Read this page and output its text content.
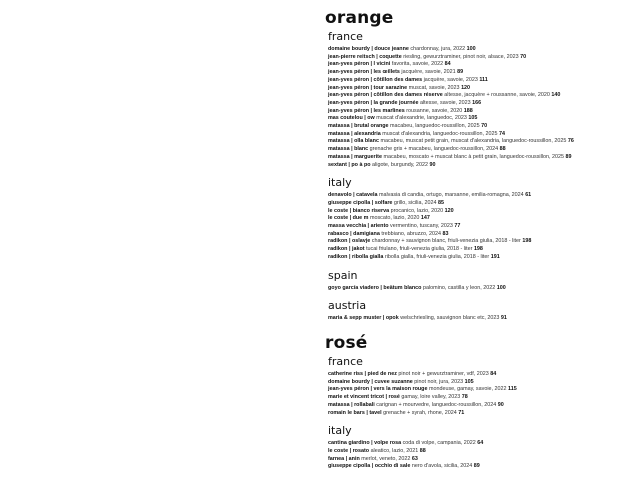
orange
france
domaine bourdy | douce jeanne chardonnay, jura, 2022 100
jean-pierre reitsch | coquette riesling, gewurztraminer, pinot noir, alsace, 2023 70
jean-yves péron | l vicini favorita, savoie, 2022 84
jean-yves péron | les œillets jacquère, savoie, 2021 89
jean-yves péron | côtillon des dames jacquère, savoie, 2023 111
jean-yves péron | tour sarazine muscat, savoie, 2023 120
jean-yves péron | côtillon des dames réserve altesse, jacquère + roussanne, savoie, 2020 140
jean-yves péron | la grande journée altesse, savoie, 2023 166
jean-yves péron | les marlines rousanne, savoie, 2020 188
mas coutelou | ow muscat d'alexandrie, languedoc, 2023 105
matassa | brutal orange macabeu, languedoc-roussillon, 2025 70
matassa | alexandria muscat d'alexandria, languedoc-roussillon, 2025 74
matassa | olla blanc macabeu, muscat petit grain, muscat d'alexandria, languedoc-roussillon, 2025 76
matassa | blanc grenache gris + macabeu, languedoc-roussillon, 2024 88
matassa | marguerite macabeu, moscato + muscat blanc à petit grain, languedoc-roussillon, 2025 89
sextant | po à po aligote, burgundy, 2022 90
italy
denavolo | catavela malvasia di candia, ortugo, marsanne, emilia-romagna, 2024 61
giuseppe cipolla | solfare grillo, sicilia, 2024 85
le coste | bianco riserva procanico, lazio, 2020 120
le coste | due m moscato, lazio, 2020 147
massa vecchia | ariento vermentino, tuscany, 2023 77
rabasco | damigiana trebbiano, abruzzo, 2024 83
radikon | oslavje chardonnay + sauvignon blanc, friuli-venezia giulia, 2018 - liter 198
radikon | jakot tucai friulano, friuli-venezia giulia, 2018 - liter 198
radikon | ribolla gialla ribolla gialla, friuli-venezia giulia, 2018 - liter 191
spain
goyo garcía viadero | beätum blanco palomino, castilla y leon, 2022 100
austria
maria & sepp muster | opok welschriesling, sauvignon blanc etc, 2023 91
rosé
france
catherine riss | pied de nez pinot noir + gewurztraminer, vdf, 2023 84
domaine bourdy | cuvee suzanne pinot noir, jura, 2023 105
jean-yves péron | vers la maison rouge mondeuse, gamay, savoie, 2022 115
marie et vincent tricot | rosé gamay, loire valley, 2023 78
matassa | rollabali carignan + mourvedre, languedoc-roussillon, 2024 90
romain le bars | tavel grenache + syrah, rhone, 2024 71
italy
cantina giardino | volpe rosa coda di volpe, campania, 2022 64
le coste | rosato aleatico, lazio, 2021 88
farnea | anin merlot, veneto, 2022 63
giuseppe cipolla | occhio di sale nero d'avola, sicilia, 2024 89
